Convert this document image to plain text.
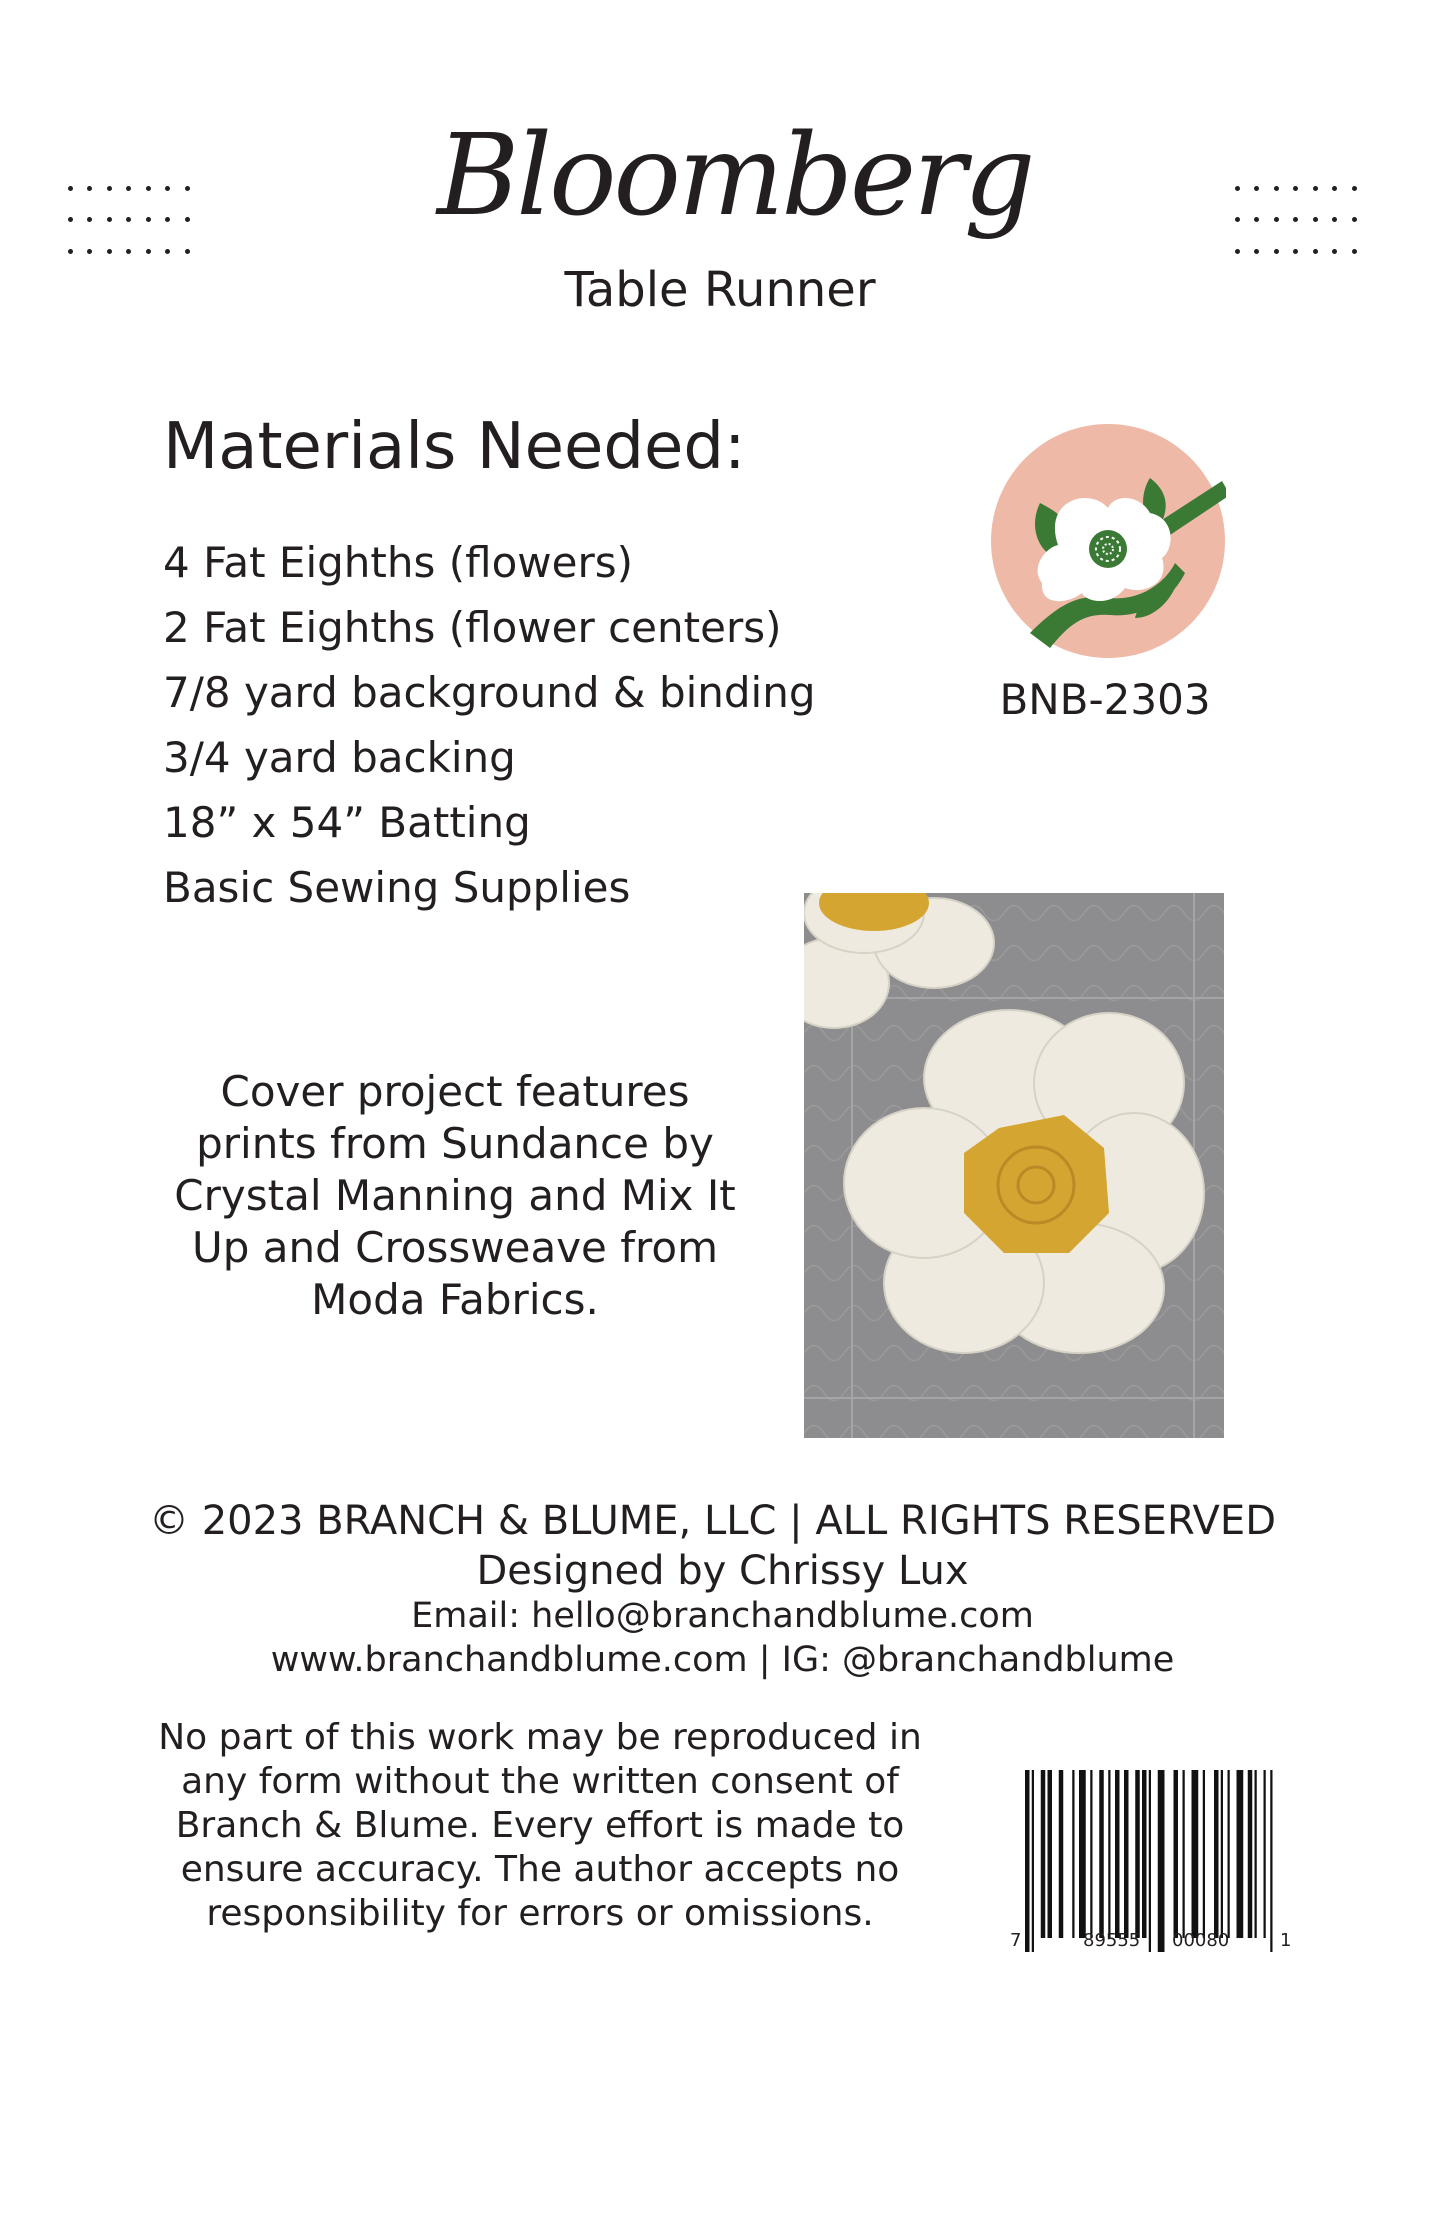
Bloomberg
Table Runner
Materials Needed:
4 Fat Eighths (flowers)
2 Fat Eighths (flower centers)
7/8 yard background & binding
3/4 yard backing
18” x 54” Batting
Basic Sewing Supplies
BNB-2303
Cover project features
prints from Sundance by
Crystal Manning and Mix It
Up and Crossweave from
Moda Fabrics.
© 2023 BRANCH & BLUME, LLC | ALL RIGHTS RESERVED
Designed by Chrissy Lux
Email: hello@branchandblume.com
www.branchandblume.com | IG: @branchandblume
No part of this work may be reproduced in
any form without the written consent of
Branch & Blume. Every effort is made to
ensure accuracy. The author accepts no
responsibility for errors or omissions.
7	89555 00080	1
